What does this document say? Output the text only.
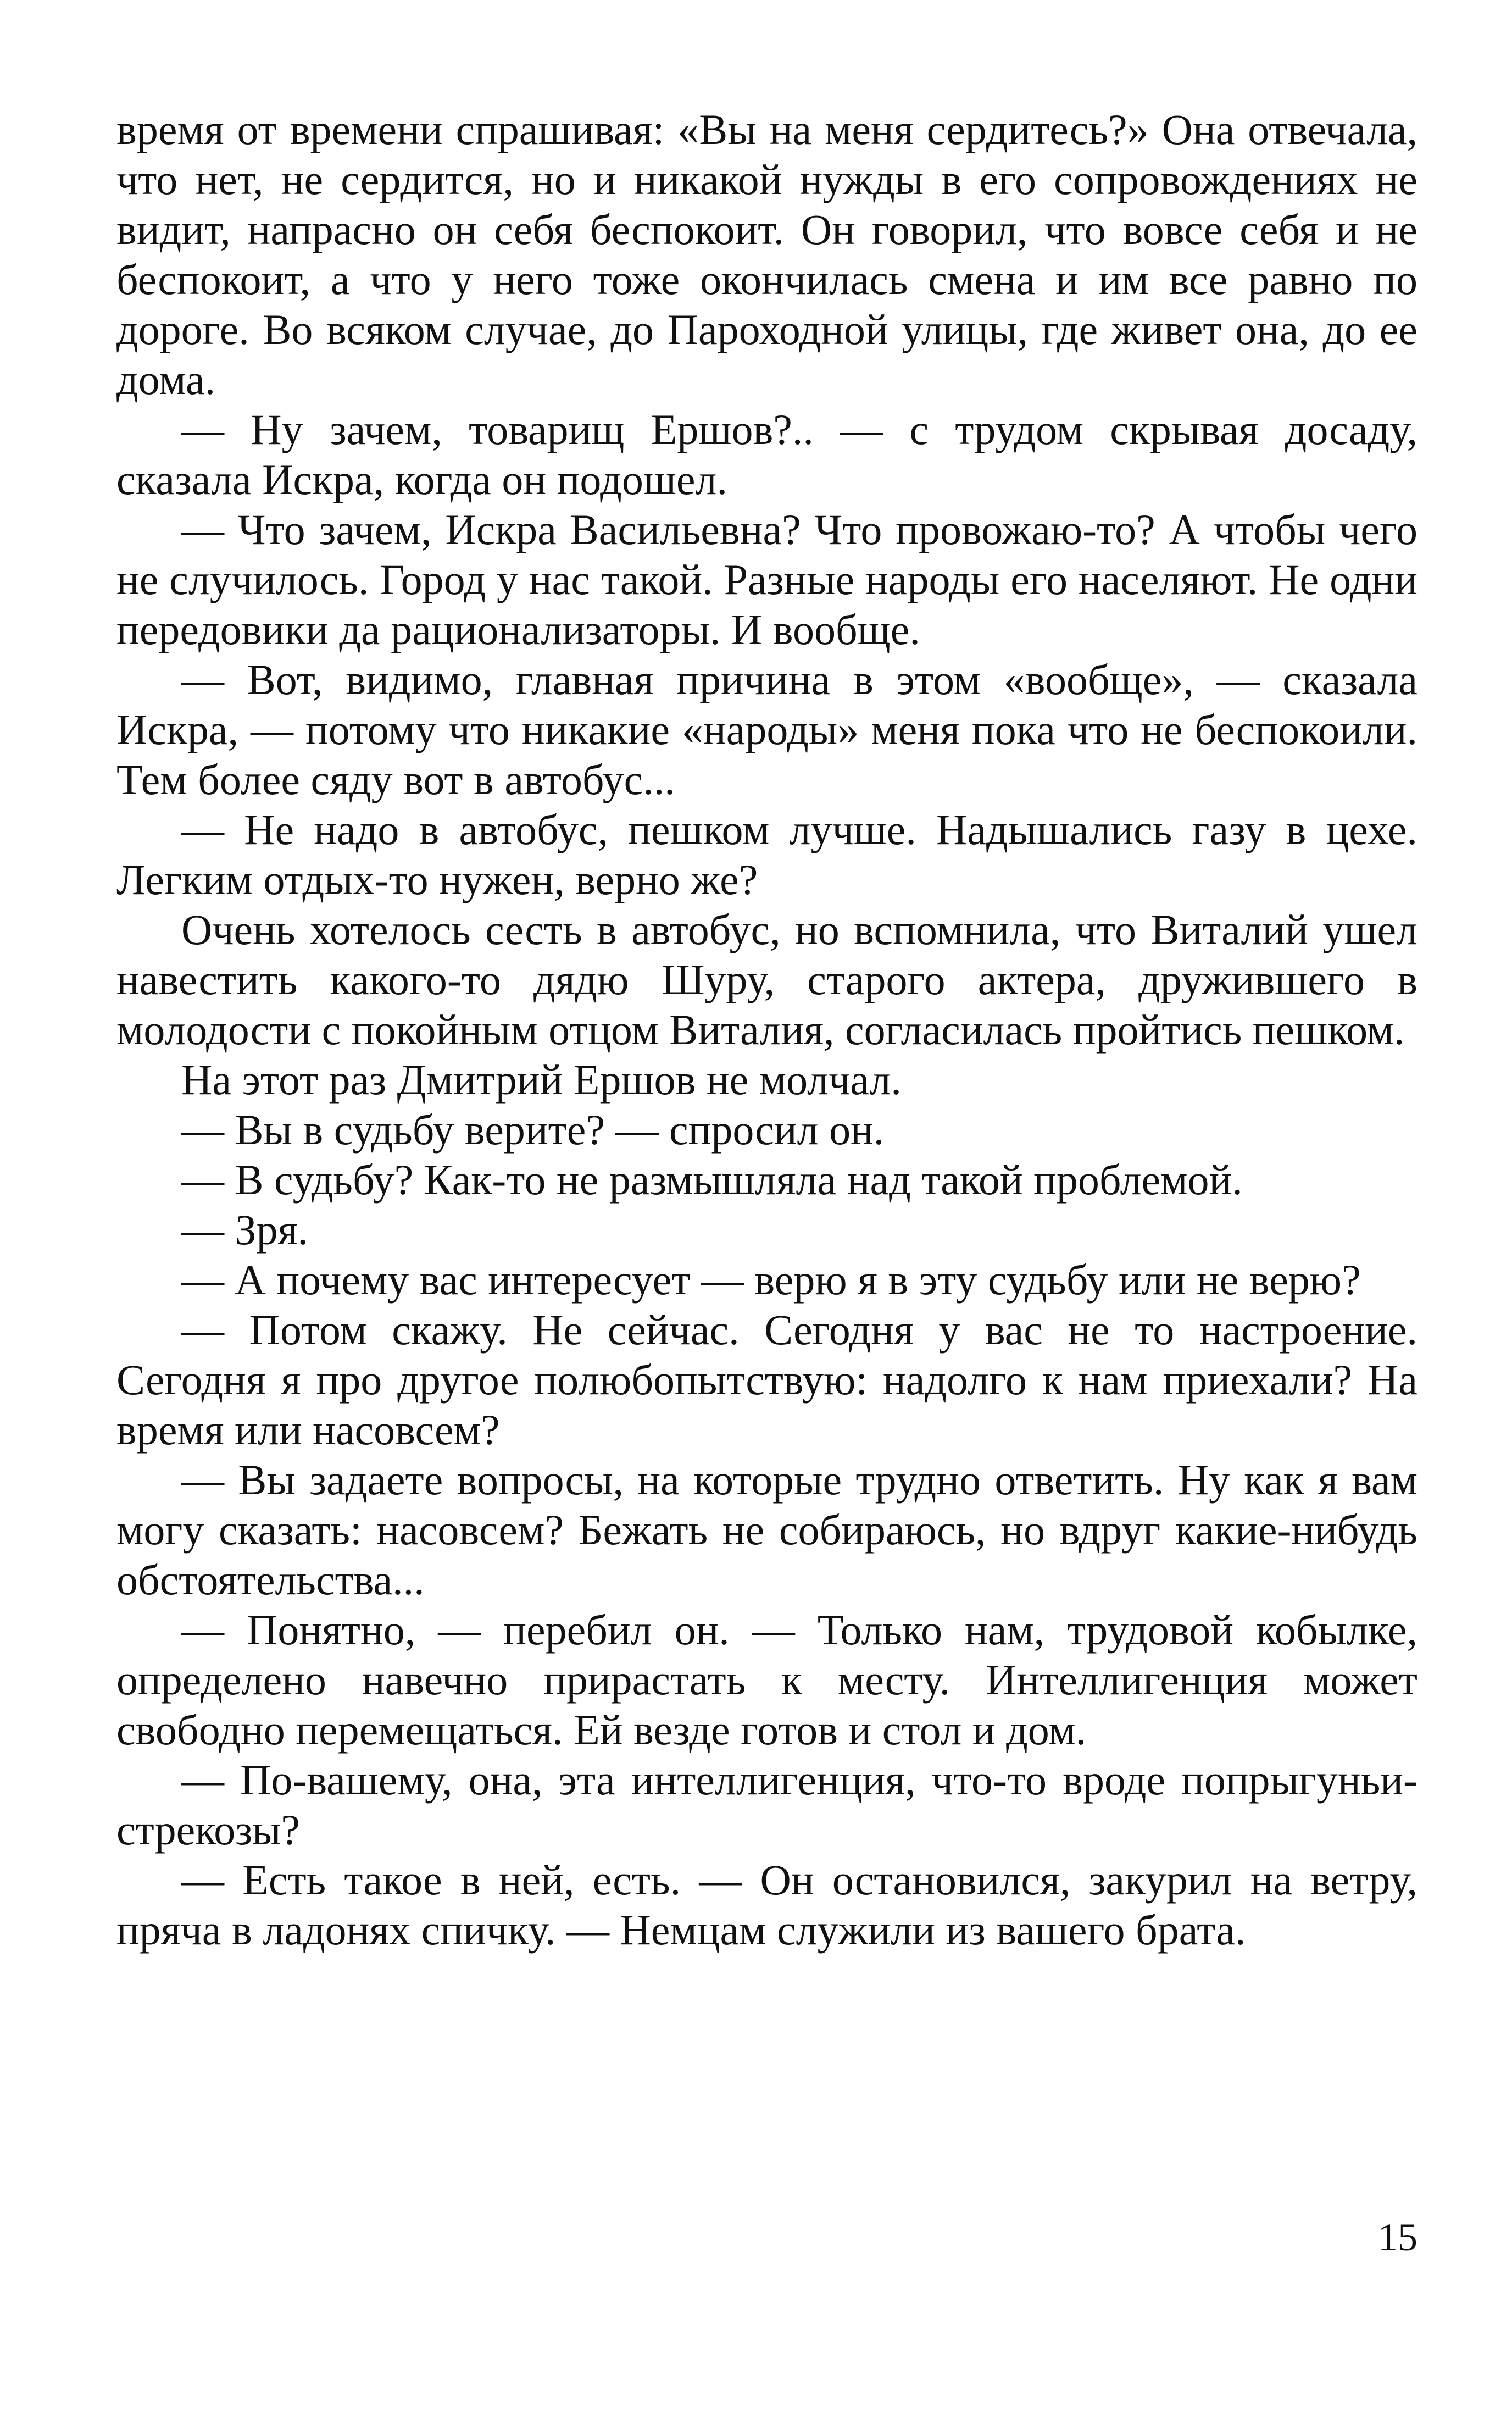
время от времени спрашивая: «Вы на меня сердитесь?» Она отвечала, что нет, не сердится, но и никакой нужды в его сопровождениях не видит, напрасно он себя беспокоит. Он говорил, что вовсе себя и не беспокоит, а что у него тоже окончилась смена и им все равно по дороге. Во всяком случае, до Пароходной улицы, где живет она, до ее дома.

— Ну зачем, товарищ Ершов?.. — с трудом скрывая досаду, сказала Искра, когда он подошел.

— Что зачем, Искра Васильевна? Что провожаю-то? А чтобы чего не случилось. Город у нас такой. Разные народы его населяют. Не одни передовики да рационализаторы. И вообще.

— Вот, видимо, главная причина в этом «вообще», — сказала Искра, — потому что никакие «народы» меня пока что не беспокоили. Тем более сяду вот в автобус...

— Не надо в автобус, пешком лучше. Надышались газу в цехе. Легким отдых-то нужен, верно же?

Очень хотелось сесть в автобус, но вспомнила, что Виталий ушел навестить какого-то дядю Шуру, старого актера, дружившего в молодости с покойным отцом Виталия, согласилась пройтись пешком.

На этот раз Дмитрий Ершов не молчал.

— Вы в судьбу верите? — спросил он.

— В судьбу? Как-то не размышляла над такой проблемой.

— Зря.

— А почему вас интересует — верю я в эту судьбу или не верю?

— Потом скажу. Не сейчас. Сегодня у вас не то настроение. Сегодня я про другое полюбопытствую: надолго к нам приехали? На время или насовсем?

— Вы задаете вопросы, на которые трудно ответить. Ну как я вам могу сказать: насовсем? Бежать не собираюсь, но вдруг какие-нибудь обстоятельства...

— Понятно, — перебил он. — Только нам, трудовой кобылке, определено навечно прирастать к месту. Интеллигенция может свободно перемещаться. Ей везде готов и стол и дом.

— По-вашему, она, эта интеллигенция, что-то вроде попрыгуньи-стрекозы?

— Есть такое в ней, есть. — Он остановился, закурил на ветру, пряча в ладонях спичку. — Немцам служили из вашего брата.

15
